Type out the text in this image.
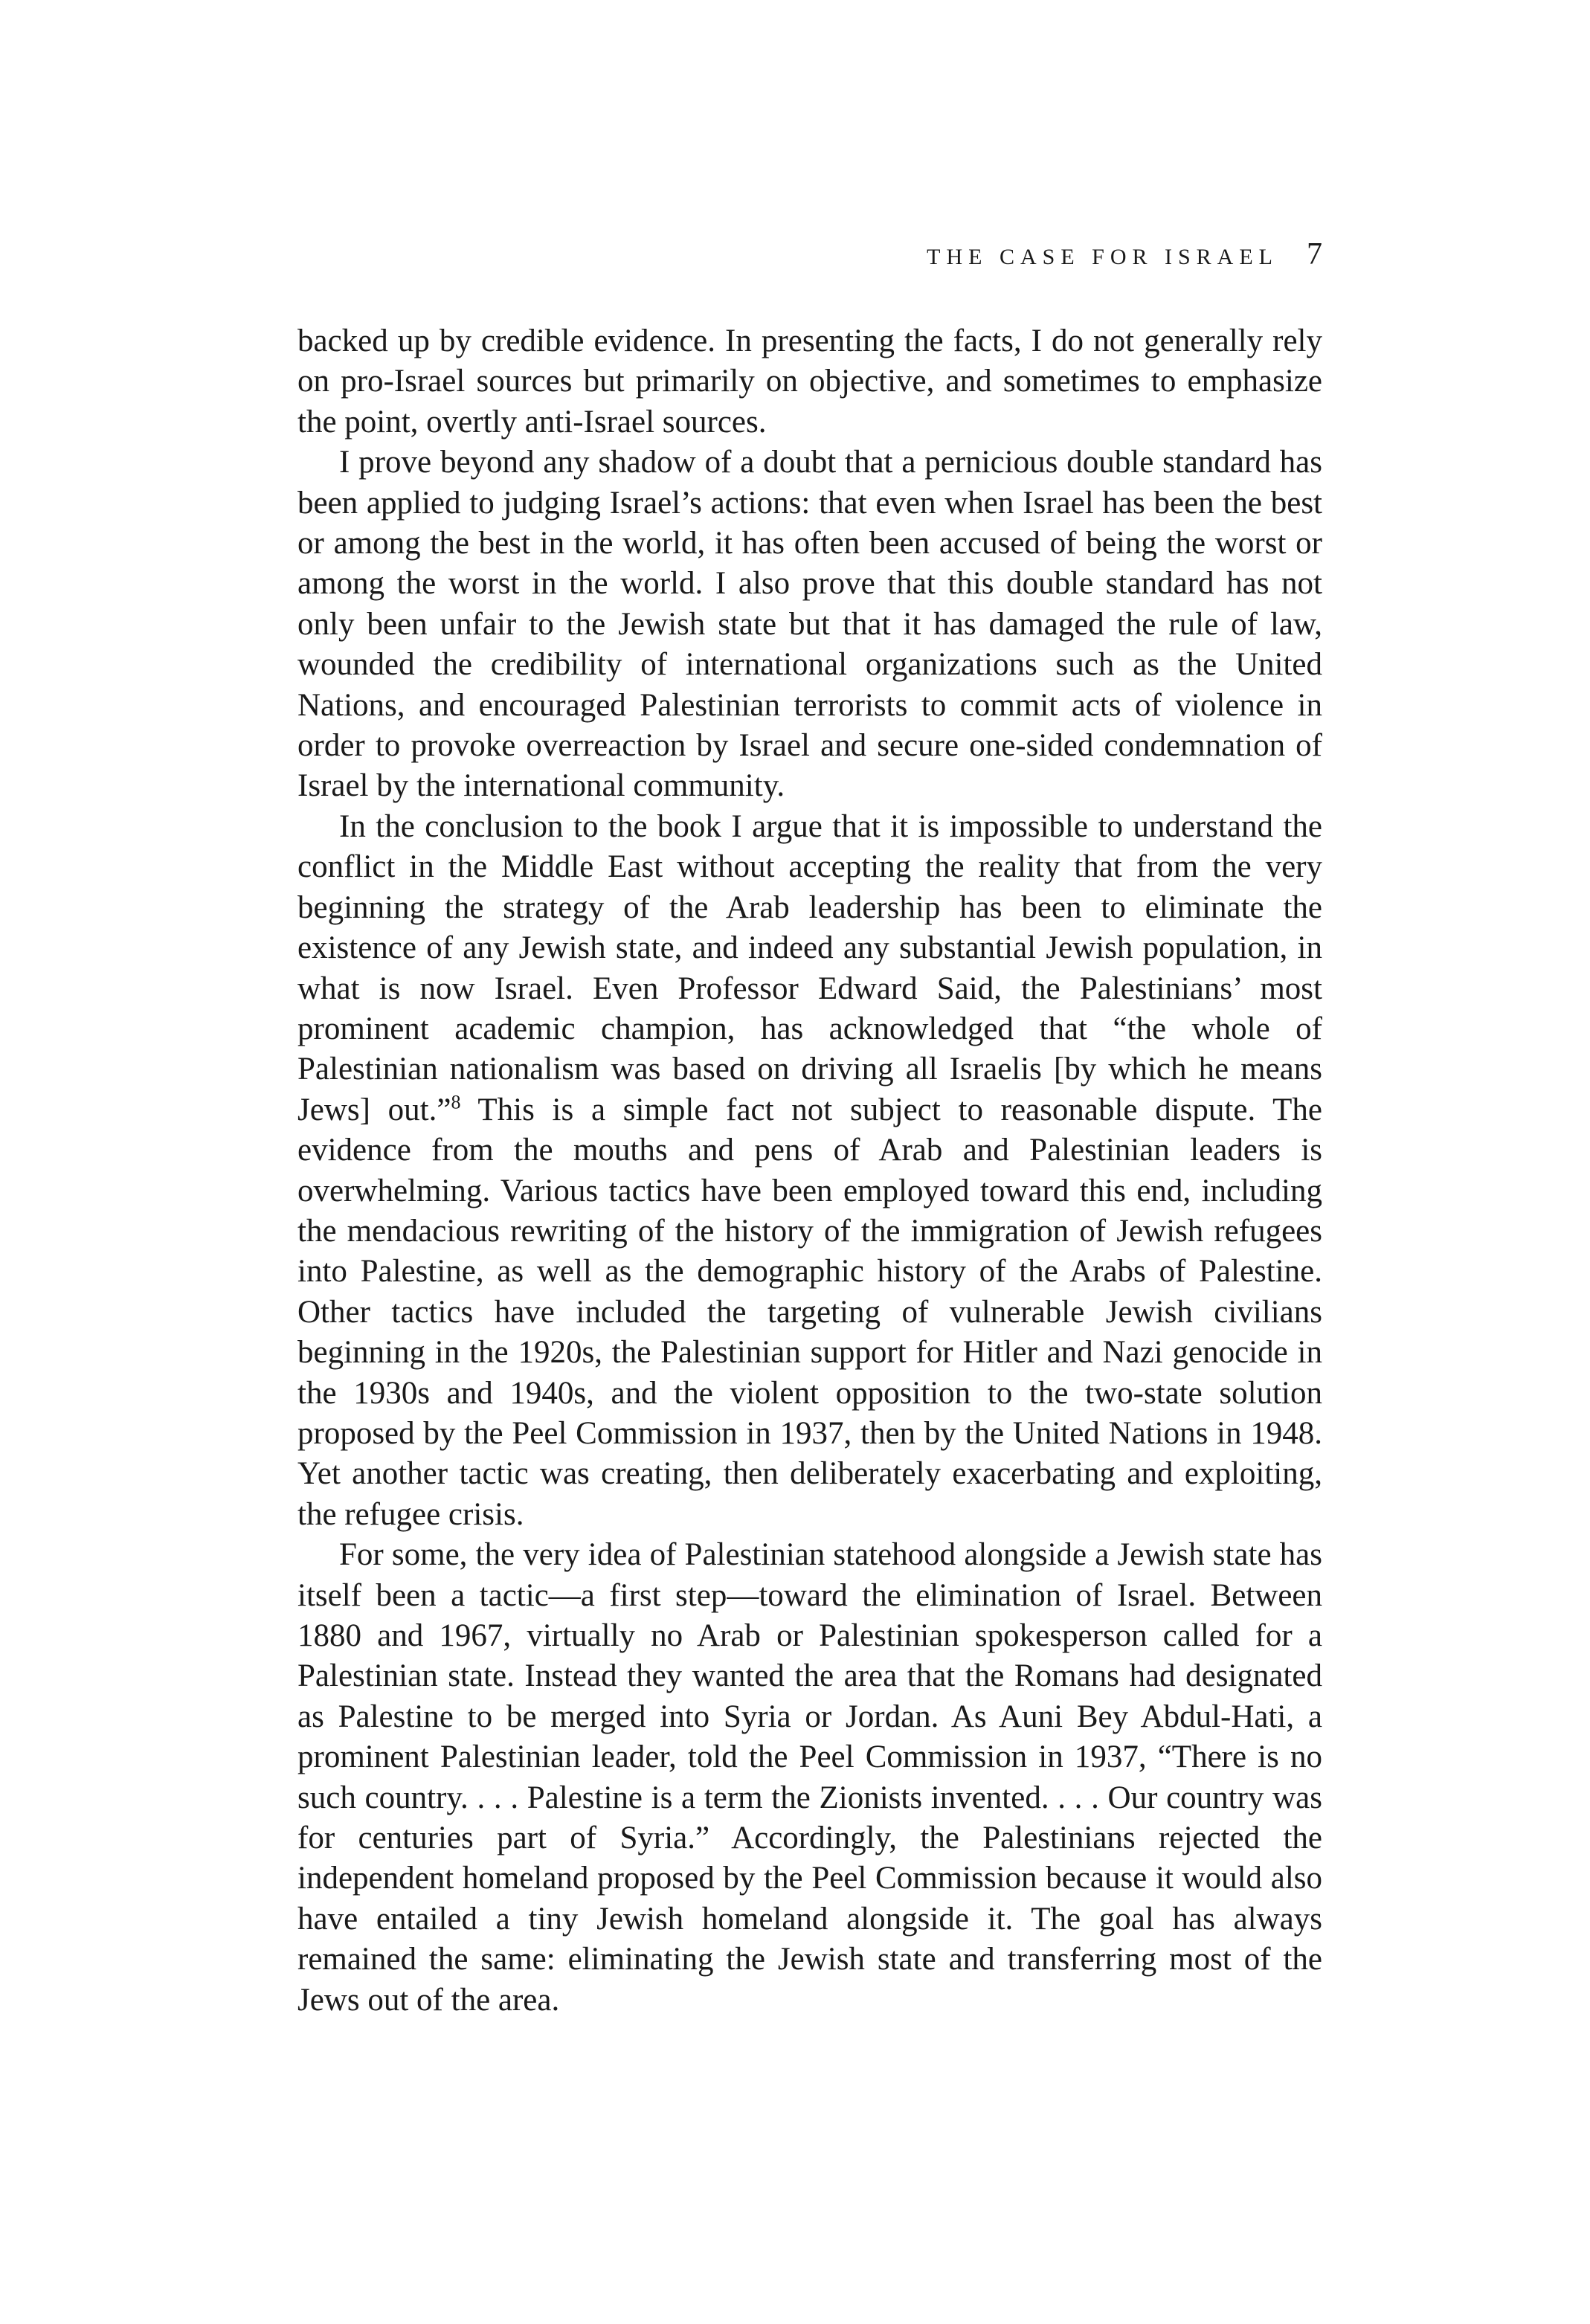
THE CASE FOR ISRAEL 7

backed up by credible evidence. In presenting the facts, I do not generally rely on pro-Israel sources but primarily on objective, and sometimes to emphasize the point, overtly anti-Israel sources.

I prove beyond any shadow of a doubt that a pernicious double standard has been applied to judging Israel’s actions: that even when Israel has been the best or among the best in the world, it has often been accused of being the worst or among the worst in the world. I also prove that this double standard has not only been unfair to the Jewish state but that it has damaged the rule of law, wounded the credibility of international organizations such as the United Nations, and encouraged Palestinian terrorists to commit acts of violence in order to provoke overreaction by Israel and secure one-sided condemnation of Israel by the international community.

In the conclusion to the book I argue that it is impossible to understand the conflict in the Middle East without accepting the reality that from the very beginning the strategy of the Arab leadership has been to eliminate the existence of any Jewish state, and indeed any substantial Jewish population, in what is now Israel. Even Professor Edward Said, the Palestinians’ most prominent academic champion, has acknowledged that “the whole of Palestinian nationalism was based on driving all Israelis [by which he means Jews] out.”$^8$ This is a simple fact not subject to reasonable dispute. The evidence from the mouths and pens of Arab and Palestinian leaders is overwhelming. Various tactics have been employed toward this end, including the mendacious rewriting of the history of the immigration of Jewish refugees into Palestine, as well as the demographic history of the Arabs of Palestine. Other tactics have included the targeting of vulnerable Jewish civilians beginning in the 1920s, the Palestinian support for Hitler and Nazi genocide in the 1930s and 1940s, and the violent opposition to the two-state solution proposed by the Peel Commission in 1937, then by the United Nations in 1948. Yet another tactic was creating, then deliberately exacerbating and exploiting, the refugee crisis.

For some, the very idea of Palestinian statehood alongside a Jewish state has itself been a tactic—a first step—toward the elimination of Israel. Between 1880 and 1967, virtually no Arab or Palestinian spokesperson called for a Palestinian state. Instead they wanted the area that the Romans had designated as Palestine to be merged into Syria or Jordan. As Auni Bey Abdul-Hati, a prominent Palestinian leader, told the Peel Commission in 1937, “There is no such country. . . . Palestine is a term the Zionists invented. . . . Our country was for centuries part of Syria.” Accordingly, the Palestinians rejected the independent homeland proposed by the Peel Commission because it would also have entailed a tiny Jewish homeland alongside it. The goal has always remained the same: eliminating the Jewish state and transferring most of the Jews out of the area.
